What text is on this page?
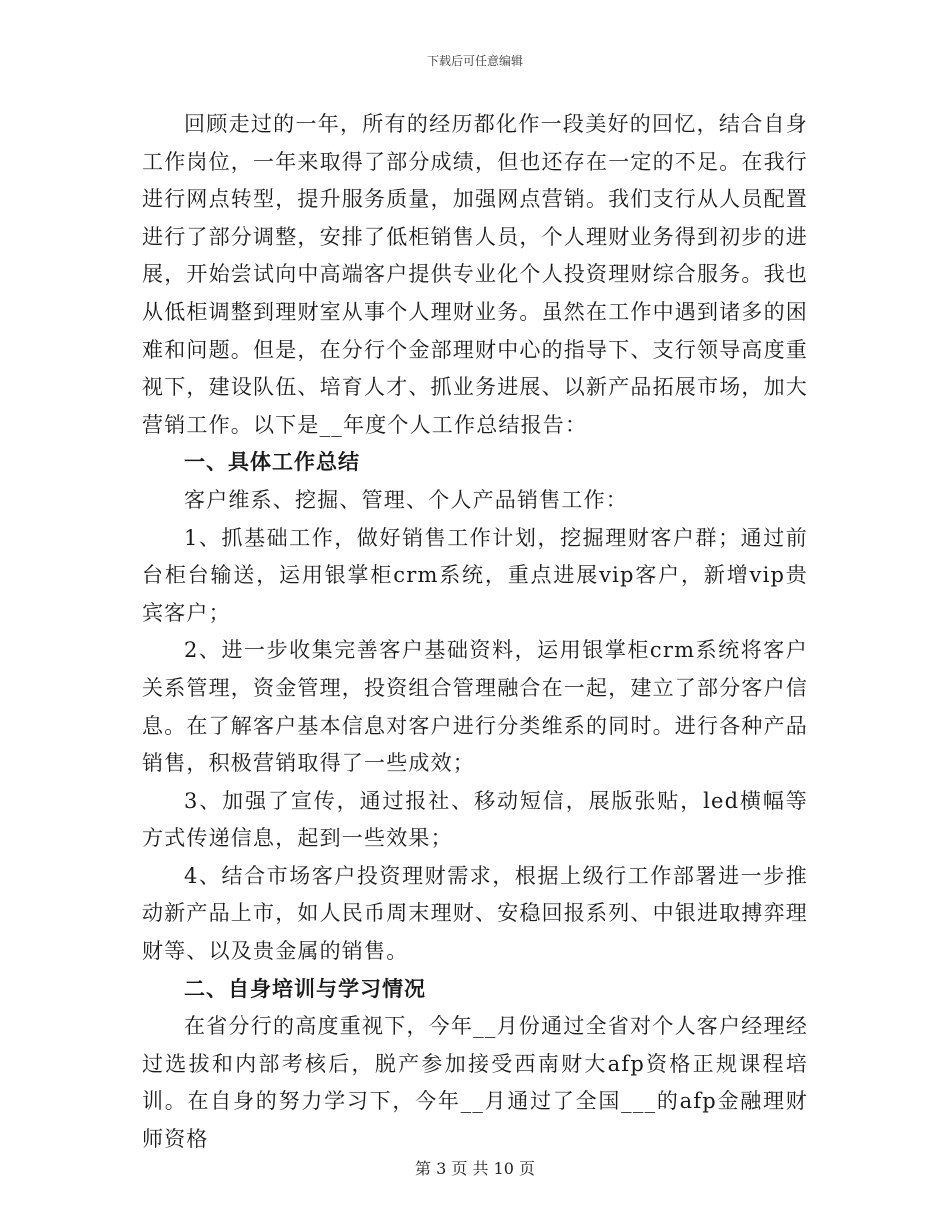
下载后可任意编辑

回顾走过的一年，所有的经历都化作一段美好的回忆，结合自身工作岗位，一年来取得了部分成绩，但也还存在一定的不足。在我行进行网点转型，提升服务质量，加强网点营销。我们支行从人员配置进行了部分调整，安排了低柜销售人员，个人理财业务得到初步的进展，开始尝试向中高端客户提供专业化个人投资理财综合服务。我也从低柜调整到理财室从事个人理财业务。虽然在工作中遇到诸多的困难和问题。但是，在分行个金部理财中心的指导下、支行领导高度重视下，建设队伍、培育人才、抓业务进展、以新产品拓展市场，加大营销工作。以下是__年度个人工作总结报告：

一、具体工作总结

客户维系、挖掘、管理、个人产品销售工作：

1、抓基础工作，做好销售工作计划，挖掘理财客户群；通过前台柜台输送，运用银掌柜crm系统，重点进展vip客户，新增vip贵宾客户；

2、进一步收集完善客户基础资料，运用银掌柜crm系统将客户关系管理，资金管理，投资组合管理融合在一起，建立了部分客户信息。在了解客户基本信息对客户进行分类维系的同时。进行各种产品销售，积极营销取得了一些成效；

3、加强了宣传，通过报社、移动短信，展版张贴，led横幅等方式传递信息，起到一些效果；

4、结合市场客户投资理财需求，根据上级行工作部署进一步推动新产品上市，如人民币周末理财、安稳回报系列、中银进取搏弈理财等、以及贵金属的销售。

二、自身培训与学习情况

在省分行的高度重视下，今年__月份通过全省对个人客户经理经过选拔和内部考核后，脱产参加接受西南财大afp资格正规课程培训。在自身的努力学习下，今年__月通过了全国___的afp金融理财师资格

第 3 页 共 10 页
